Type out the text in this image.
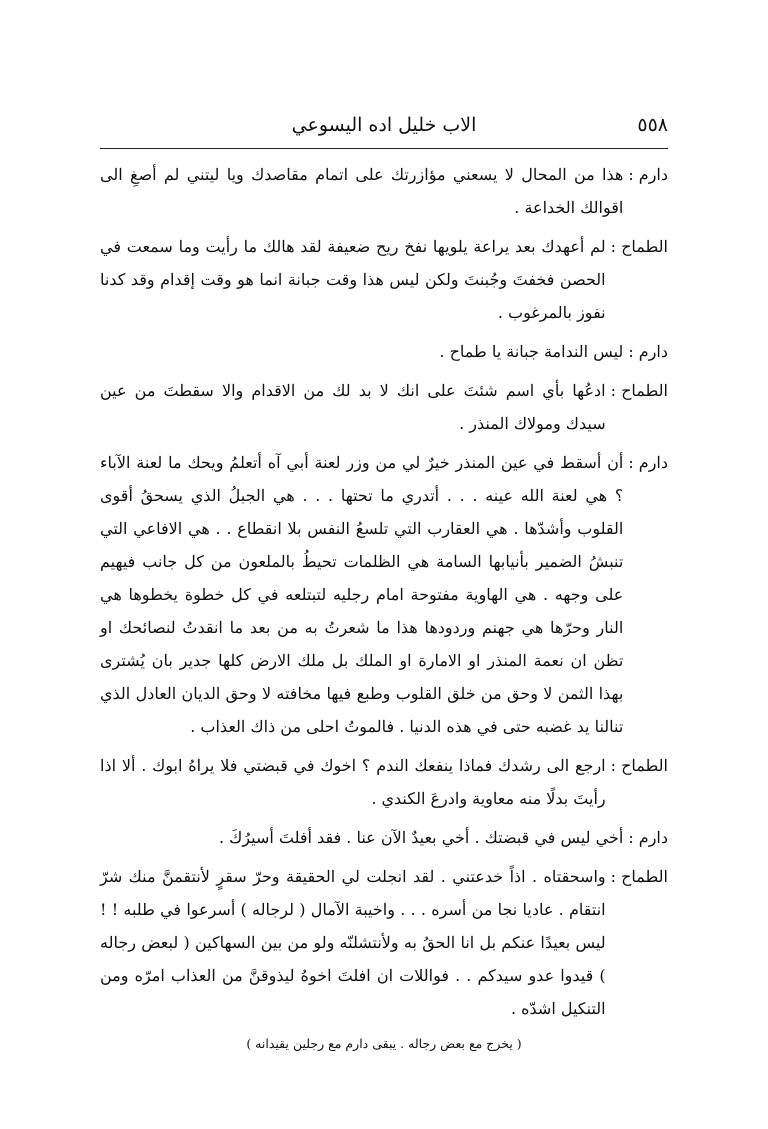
٥٥٨
الاب خليل اده اليسوعي
دارم :
هذا من المحال لا يسعني مؤازرتك على اتمام مقاصدك ويا ليتني لم أصغِ الى اقوالك الخداعة .
الطماح :
لم أعهدك بعد يراعة يلويها نفخ ريح ضعيفة لقد هالك ما رأيت وما سمعت في الحصن فخفتَ وجُبنتَ ولكن ليس هذا وقت جبانة انما هو وقت إقدام وقد كدنا نفوز بالمرغوب .
دارم :
ليس الندامة جبانة يا طماح .
الطماح :
ادعُها بأي اسم شئتَ على انك لا بد لك من الاقدام والا سقطتَ من عين سيدك ومولاك المنذر .
دارم :
أن أسقط في عين المنذر خيرٌ لي من وزر لعنة أبي آه أتعلمُ ويحك ما لعنة الآباء ؟ هي لعنة الله عينه . . . أتدري ما تحتها . . . هي الجبلُ الذي يسحقُ أقوى القلوب وأشدّها . هي العقارب التي تلسعُ النفس بلا انقطاع . . هي الافاعي التي تنبشُ الضمير بأنيابها السامة هي الظلمات تحيطُ بالملعون من كل جانب فيهيم على وجهه . هي الهاوية مفتوحة امام رجليه لتبتلعه في كل خطوة يخطوها هي النار وحرّها هي جهنم وردودها هذا ما شعرتُ به من بعد ما انقدتُ لنصائحك او تظن ان نعمة المنذر او الامارة او الملك بل ملك الارض كلها جدير بان يُشترى بهذا الثمن لا وحق من خلق القلوب وطبع فيها مخافته لا وحق الديان العادل الذي تنالنا يد غضبه حتى في هذه الدنيا . فالموتُ احلى من ذاك العذاب .
الطماح :
ارجع الى رشدك فماذا ينفعك الندم ؟ اخوك في قبضتي فلا يراهُ ابوك . ألا اذا رأيتَ بدلًا منه معاوية وادرعَ الكندي .
دارم :
أخي ليس في قبضتك . أخي بعيدٌ الآن عنا . فقد أفلتَ أسيرُكَ .
الطماح :
واسحقتاه . اذاً خدعتني . لقد انجلت لي الحقيقة وحرّ سقرٍ لأنتقمنَّ منك شرّ انتقام . عاديا نجا من أسره . . . واخيبة الآمال ( لرجاله ) أسرعوا في طلبه ! ! ليس بعيدًا عنكم بل انا الحقُ به ولأنتشلنّه ولو من بين السهاكين ( لبعض رجاله ) قيدوا عدو سيدكم . . فواللات ان افلتَ اخوهُ ليذوقنَّ من العذاب امرّه ومن التنكيل اشدّه .
( يخرج مع بعض رجاله . يبقى دارم مع رجلين يقيدانه )
